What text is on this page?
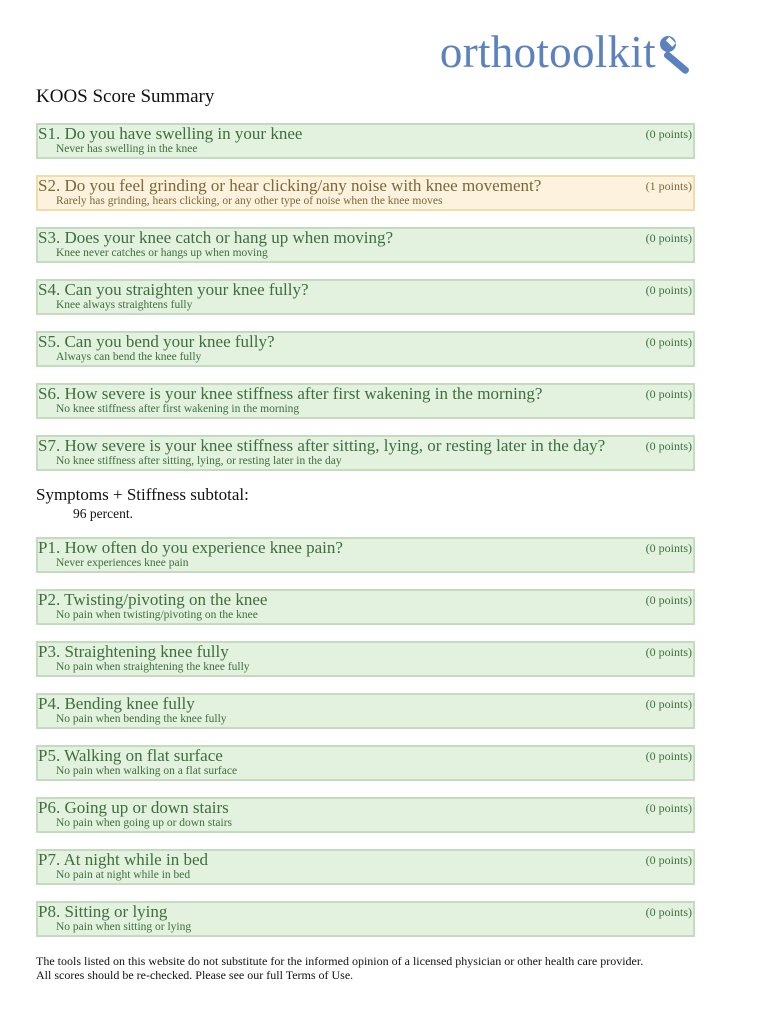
orthotoolkit
KOOS Score Summary
S1. Do you have swelling in your knee	(0 points)
Never has swelling in the knee
S2. Do you feel grinding or hear clicking/any noise with knee movement?	(1 points)
Rarely has grinding, hears clicking, or any other type of noise when the knee moves
S3. Does your knee catch or hang up when moving?	(0 points)
Knee never catches or hangs up when moving
S4. Can you straighten your knee fully?	(0 points)
Knee always straightens fully
S5. Can you bend your knee fully?	(0 points)
Always can bend the knee fully
S6. How severe is your knee stiffness after first wakening in the morning?	(0 points)
No knee stiffness after first wakening in the morning
S7. How severe is your knee stiffness after sitting, lying, or resting later in the day?	(0 points)
No knee stiffness after sitting, lying, or resting later in the day
Symptoms + Stiffness subtotal:
96 percent.
P1. How often do you experience knee pain?	(0 points)
Never experiences knee pain
P2. Twisting/pivoting on the knee	(0 points)
No pain when twisting/pivoting on the knee
P3. Straightening knee fully	(0 points)
No pain when straightening the knee fully
P4. Bending knee fully	(0 points)
No pain when bending the knee fully
P5. Walking on flat surface	(0 points)
No pain when walking on a flat surface
P6. Going up or down stairs	(0 points)
No pain when going up or down stairs
P7. At night while in bed	(0 points)
No pain at night while in bed
P8. Sitting or lying	(0 points)
No pain when sitting or lying
The tools listed on this website do not substitute for the informed opinion of a licensed physician or other health care provider.
All scores should be re-checked. Please see our full Terms of Use.
